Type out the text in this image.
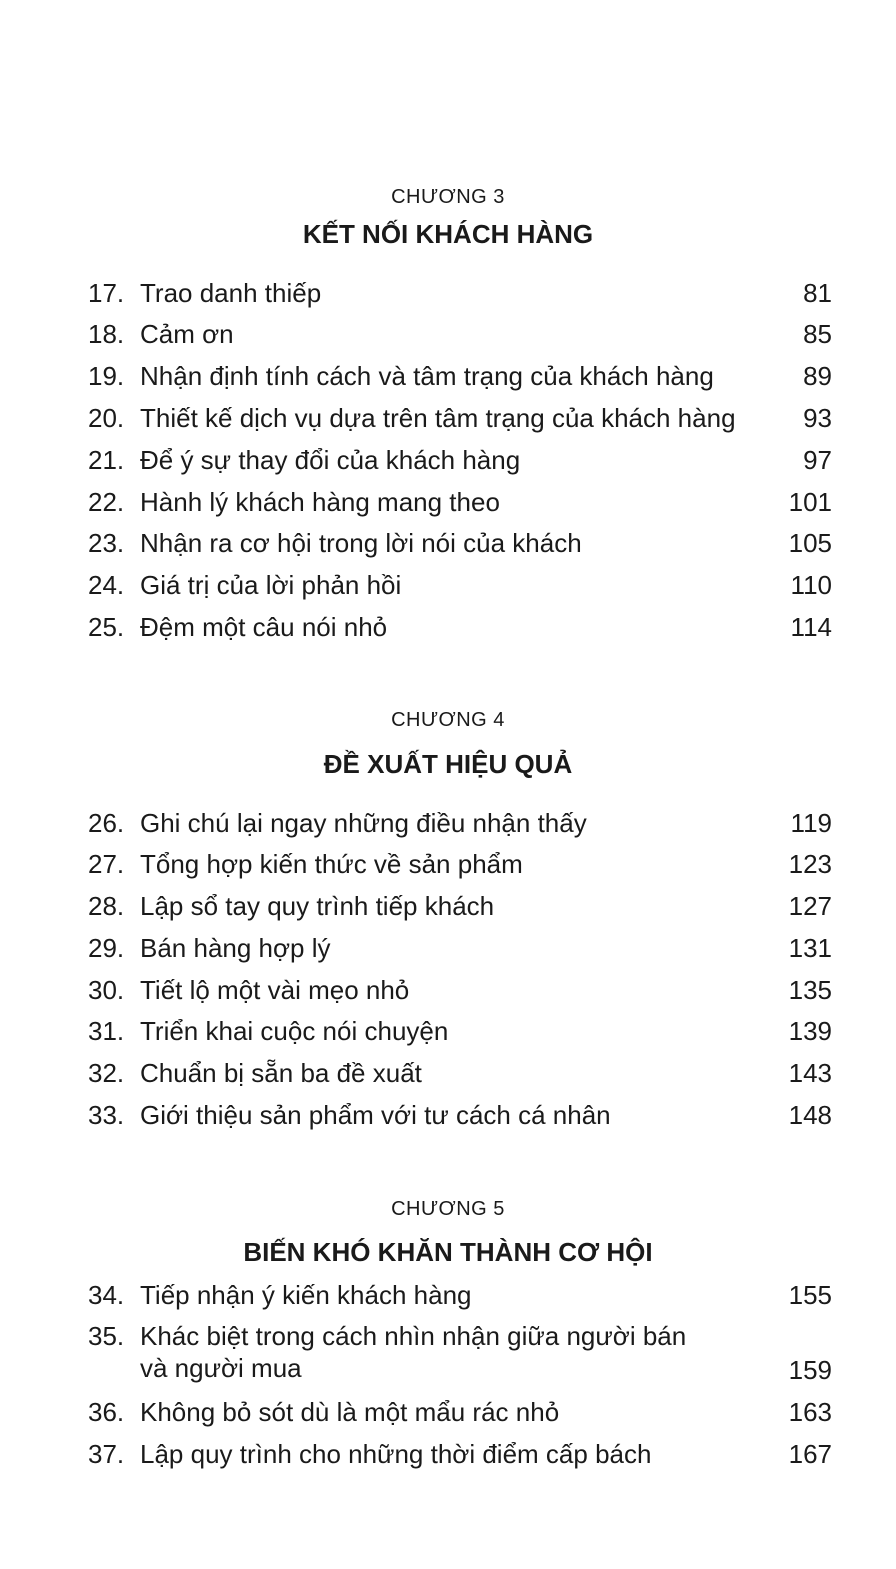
CHƯƠNG 3
KẾT NỐI KHÁCH HÀNG
17. Trao danh thiếp	81
18. Cảm ơn	85
19. Nhận định tính cách và tâm trạng của khách hàng	89
20. Thiết kế dịch vụ dựa trên tâm trạng của khách hàng	93
21. Để ý sự thay đổi của khách hàng	97
22. Hành lý khách hàng mang theo	101
23. Nhận ra cơ hội trong lời nói của khách	105
24. Giá trị của lời phản hồi	110
25. Đệm một câu nói nhỏ	114
CHƯƠNG 4
ĐỀ XUẤT HIỆU QUẢ
26. Ghi chú lại ngay những điều nhận thấy	119
27. Tổng hợp kiến thức về sản phẩm	123
28. Lập sổ tay quy trình tiếp khách	127
29. Bán hàng hợp lý	131
30. Tiết lộ một vài mẹo nhỏ	135
31. Triển khai cuộc nói chuyện	139
32. Chuẩn bị sẵn ba đề xuất	143
33. Giới thiệu sản phẩm với tư cách cá nhân	148
CHƯƠNG 5
BIẾN KHÓ KHĂN THÀNH CƠ HỘI
34. Tiếp nhận ý kiến khách hàng	155
35. Khác biệt trong cách nhìn nhận giữa người bán
và người mua	159
36. Không bỏ sót dù là một mẩu rác nhỏ	163
37. Lập quy trình cho những thời điểm cấp bách	167
